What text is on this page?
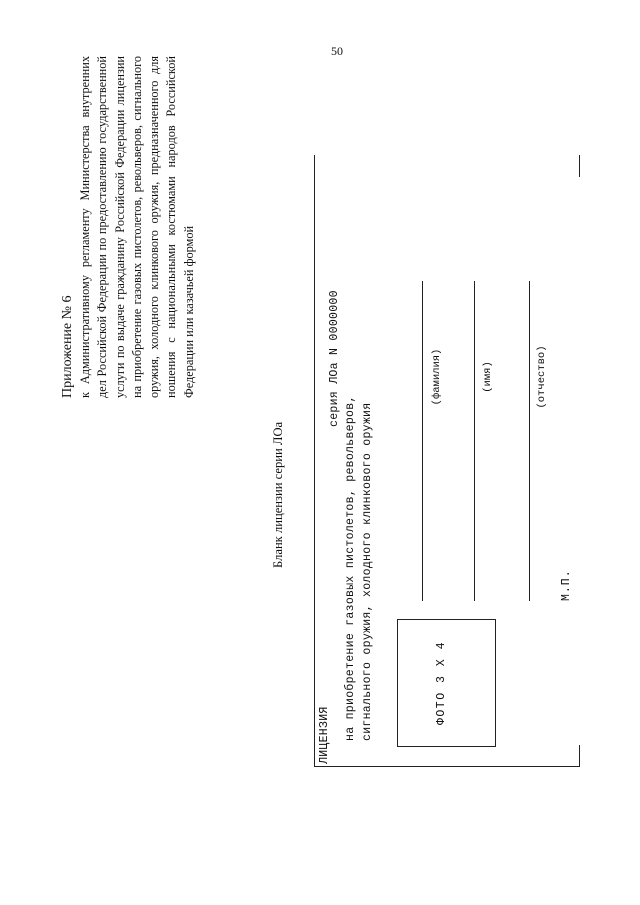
50
Приложение № 6 к Административному регламенту Министерства внутренних дел Российской Федерации по предоставлению государственной услуги по выдаче гражданину Российской Федерации лицензии на приобретение газовых пистолетов, револьверов, сигнального оружия, холодного клинкового оружия, предназначенного для ношения с национальными костюмами народов Российской Федерации или казачьей формой
Бланк лицензии серии ЛОа
ЛИЦЕНЗИЯ
серия ЛОа N 0000000
на приобретение газовых пистолетов, револьверов, сигнального оружия, холодного клинкового оружия	ФОТО 3 Х 4
(фамилия)	(имя)	(отчество)
М.П.
